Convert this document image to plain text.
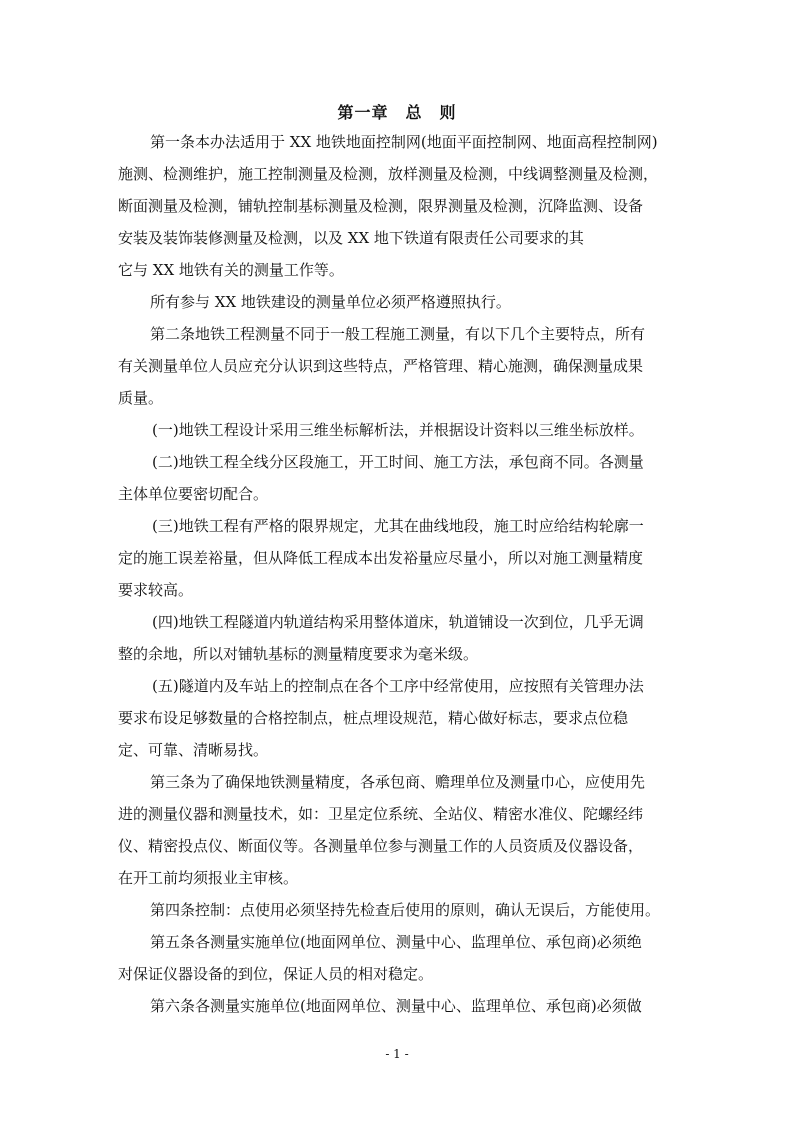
第一章　总　则
第一条本办法适用于 XX 地铁地面控制网(地面平面控制网、地面高程控制网)
施测、检测维护，施工控制测量及检测，放样测量及检测，中线调整测量及检测，
断面测量及检测，铺轨控制基标测量及检测，限界测量及检测，沉降监测、设备
安装及装饰装修测量及检测，以及 XX 地下铁道有限责任公司要求的其
它与 XX 地铁有关的测量工作等。
所有参与 XX 地铁建设的测量单位必须严格遵照执行。
第二条地铁工程测量不同于一般工程施工测量，有以下几个主要特点，所有
有关测量单位人员应充分认识到这些特点，严格管理、精心施测，确保测量成果
质量。
(一)地铁工程设计采用三维坐标解析法，并根据设计资料以三维坐标放样。
(二)地铁工程全线分区段施工，开工时间、施工方法，承包商不同。各测量
主体单位要密切配合。
(三)地铁工程有严格的限界规定，尤其在曲线地段，施工时应给结构轮廓一
定的施工误差裕量，但从降低工程成本出发裕量应尽量小，所以对施工测量精度
要求较高。
(四)地铁工程隧道内轨道结构采用整体道床，轨道铺设一次到位，几乎无调
整的余地，所以对铺轨基标的测量精度要求为毫米级。
(五)隧道内及车站上的控制点在各个工序中经常使用，应按照有关管理办法
要求布设足够数量的合格控制点，桩点埋设规范，精心做好标志，要求点位稳
定、可靠、清晰易找。
第三条为了确保地铁测量精度，各承包商、赡理单位及测量巾心，应使用先
进的测量仪器和测量技术，如：卫星定位系统、全站仪、精密水准仪、陀螺经纬
仪、精密投点仪、断面仪等。各测量单位参与测量工作的人员资质及仪器设备，
在开工前均须报业主审核。
第四条控制：点使用必须坚持先检查后使用的原则，确认无误后，方能使用。
第五条各测量实施单位(地面网单位、测量中心、监理单位、承包商)必须绝
对保证仪器设备的到位，保证人员的相对稳定。
第六条各测量实施单位(地面网单位、测量中心、监理单位、承包商)必须做
- 1 -
